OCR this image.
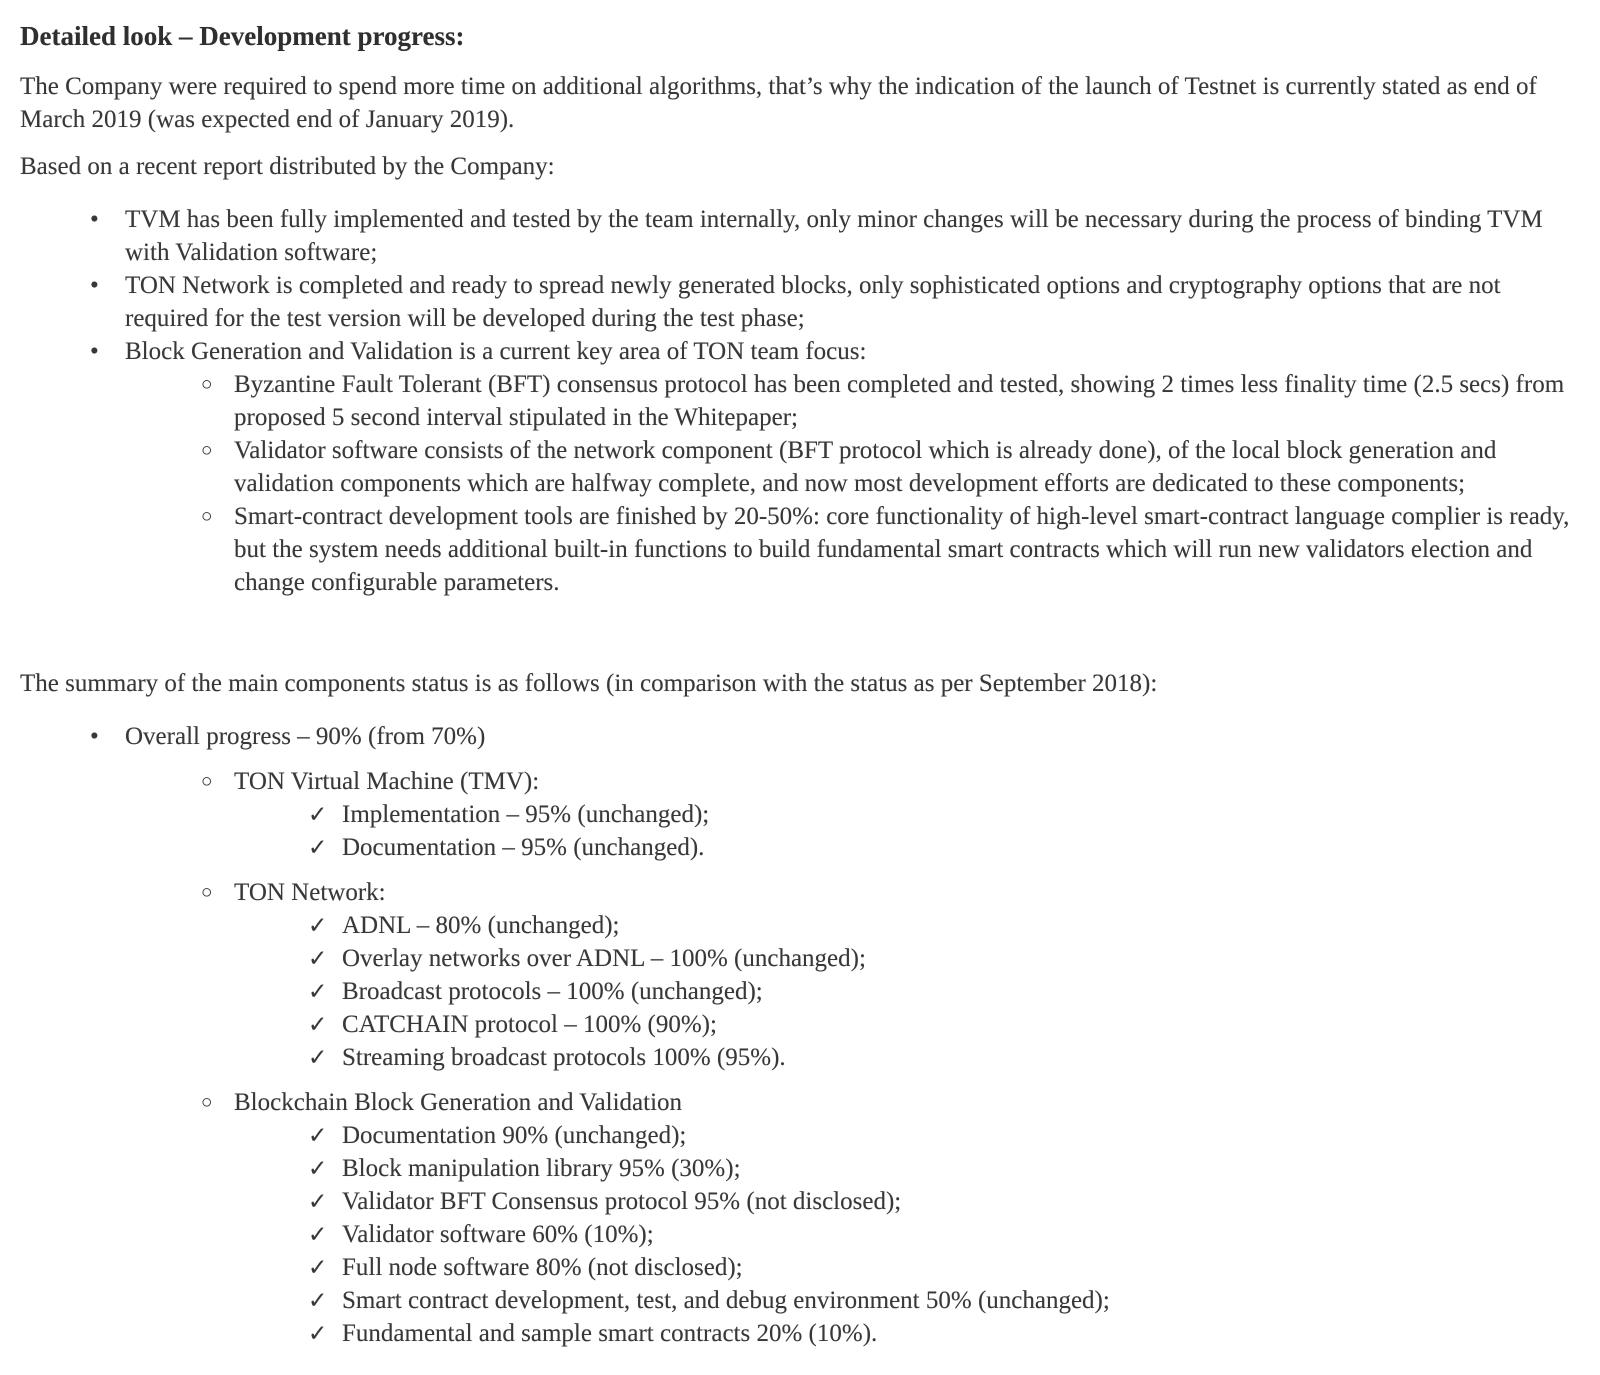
Detailed look – Development progress:

The Company were required to spend more time on additional algorithms, that’s why the indication of the launch of Testnet is currently stated as end of March 2019 (was expected end of January 2019).

Based on a recent report distributed by the Company:

•	TVM has been fully implemented and tested by the team internally, only minor changes will be necessary during the process of binding TVM with Validation software;
•	TON Network is completed and ready to spread newly generated blocks, only sophisticated options and cryptography options that are not required for the test version will be developed during the test phase;
•	Block Generation and Validation is a current key area of TON team focus:
○ Byzantine Fault Tolerant (BFT) consensus protocol has been completed and tested, showing 2 times less finality time (2.5 secs) from proposed 5 second interval stipulated in the Whitepaper;
○ Validator software consists of the network component (BFT protocol which is already done), of the local block generation and validation components which are halfway complete, and now most development efforts are dedicated to these components;
○ Smart-contract development tools are finished by 20-50%: core functionality of high-level smart-contract language complier is ready, but the system needs additional built-in functions to build fundamental smart contracts which will run new validators election and change configurable parameters.

The summary of the main components status is as follows (in comparison with the status as per September 2018):

•	Overall progress – 90% (from 70%)
○ TON Virtual Machine (TMV):
✓ Implementation – 95% (unchanged);
✓ Documentation – 95% (unchanged).
○ TON Network:
✓ ADNL – 80% (unchanged);
✓ Overlay networks over ADNL – 100% (unchanged);
✓ Broadcast protocols – 100% (unchanged);
✓ CATCHAIN protocol – 100% (90%);
✓ Streaming broadcast protocols 100% (95%).
○ Blockchain Block Generation and Validation
✓ Documentation 90% (unchanged);
✓ Block manipulation library 95% (30%);
✓ Validator BFT Consensus protocol 95% (not disclosed);
✓ Validator software 60% (10%);
✓ Full node software 80% (not disclosed);
✓ Smart contract development, test, and debug environment 50% (unchanged);
✓ Fundamental and sample smart contracts 20% (10%).
